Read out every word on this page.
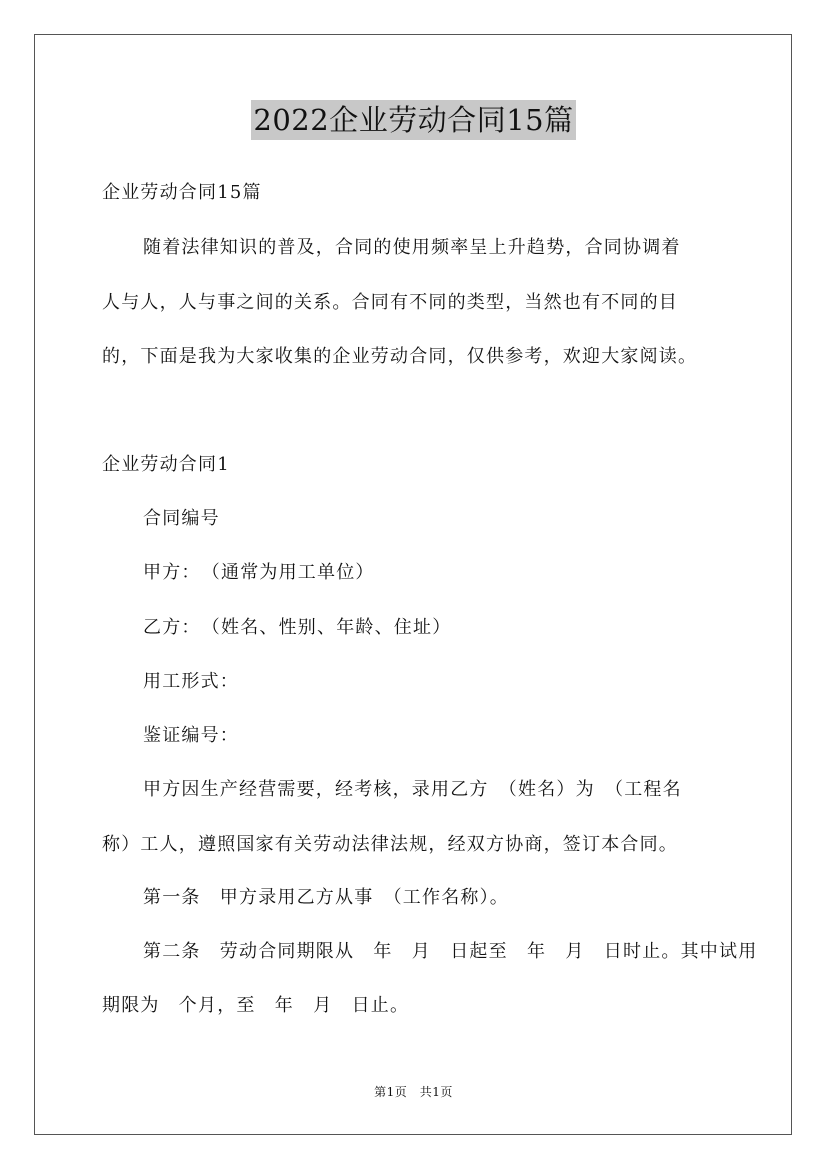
2022企业劳动合同15篇
企业劳动合同15篇
随着法律知识的普及，合同的使用频率呈上升趋势，合同协调着
人与人，人与事之间的关系。合同有不同的类型，当然也有不同的目
的，下面是我为大家收集的企业劳动合同，仅供参考，欢迎大家阅读。
企业劳动合同1
合同编号
甲方：　（通常为用工单位）
乙方：　（姓名、性别、年龄、住址）
用工形式：
鉴证编号：
甲方因生产经营需要，经考核，录用乙方　（姓名）为　（工程名
称）工人，遵照国家有关劳动法律法规，经双方协商，签订本合同。
第一条　甲方录用乙方从事　（工作名称）。
第二条　劳动合同期限从　年　月　日起至　年　月　日时止。其中试用
期限为　个月，至　年　月　日止。
第1页　共1页
